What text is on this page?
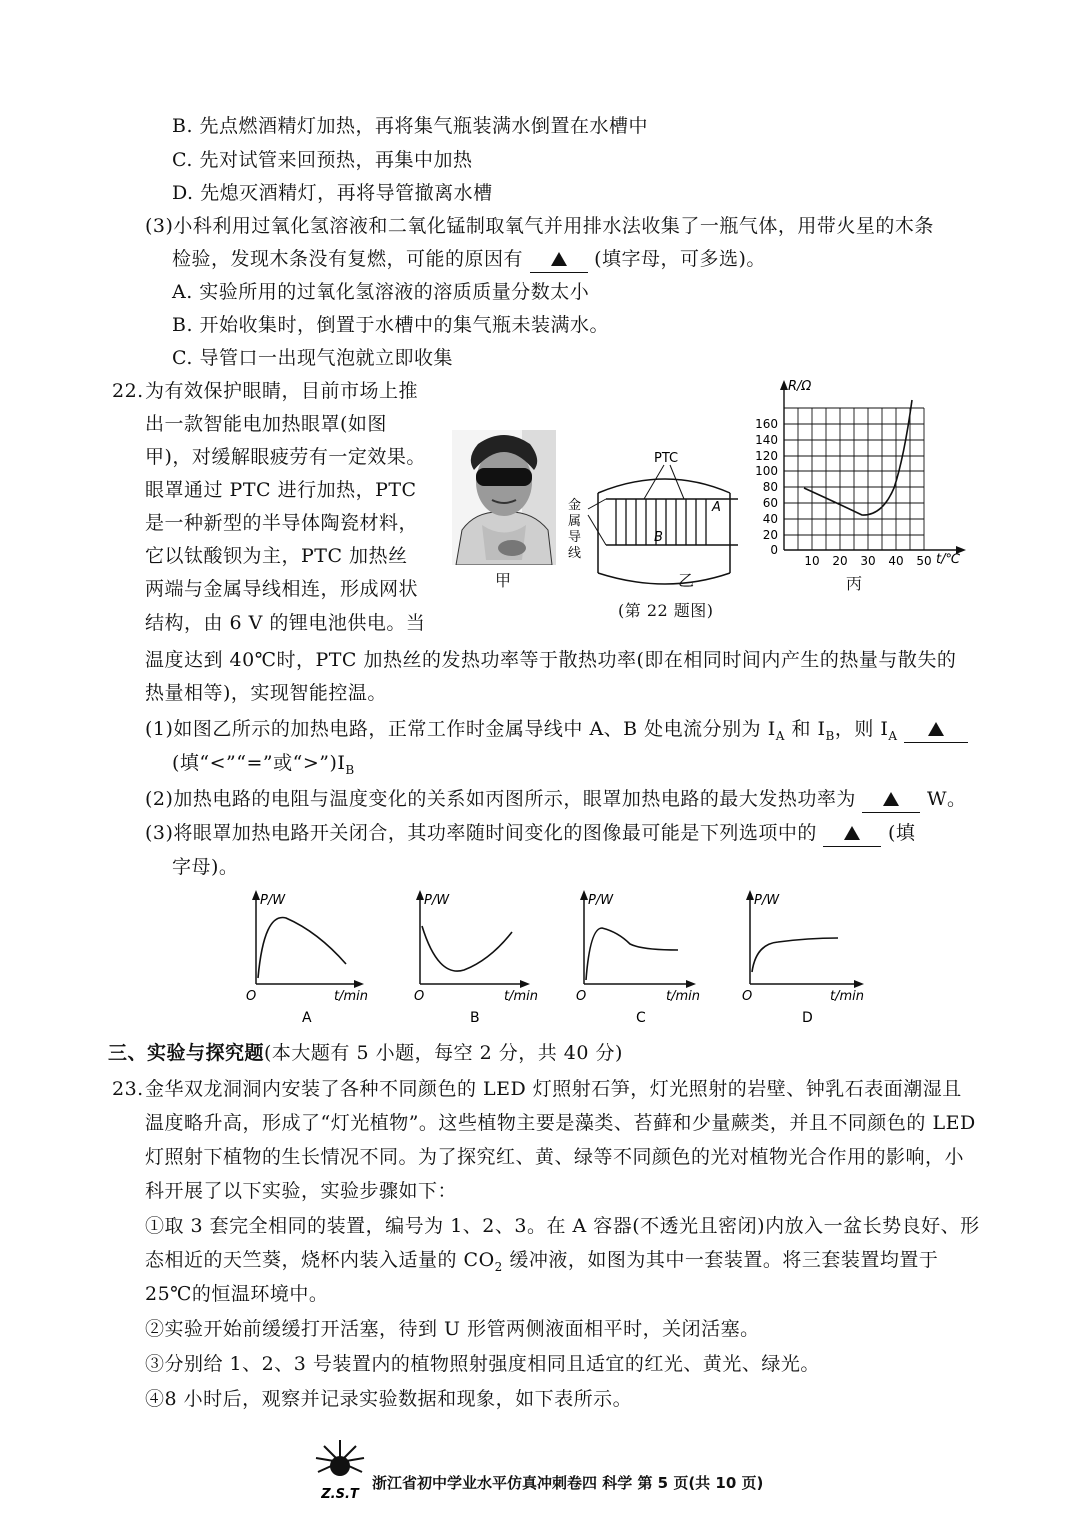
B. 先点燃酒精灯加热，再将集气瓶装满水倒置在水槽中
C. 先对试管来回预热，再集中加热
D. 先熄灭酒精灯，再将导管撤离水槽
(3)小科利用过氧化氢溶液和二氧化锰制取氧气并用排水法收集了一瓶气体，用带火星的木条
检验，发现木条没有复燃，可能的原因有	(填字母，可多选)。
A. 实验所用的过氧化氢溶液的溶质质量分数太小
B. 开始收集时，倒置于水槽中的集气瓶未装满水。
C. 导管口一出现气泡就立即收集
22. 为有效保护眼睛，目前市场上推
出一款智能电加热眼罩(如图
甲)，对缓解眼疲劳有一定效果。
眼罩通过 PTC 进行加热，PTC
是一种新型的半导体陶瓷材料，
它以钛酸钡为主，PTC 加热丝
两端与金属导线相连，形成网状
结构，由 6 V 的锂电池供电。当
甲
PTC
A
B
金
属
导
线
乙
R/Ω
t/℃
0
20
40
60
80
100
120
140
160
10 20 30 40 50
丙
(第 22 题图)
温度达到 40℃时，PTC 加热丝的发热功率等于散热功率(即在相同时间内产生的热量与散失的
热量相等)，实现智能控温。
(1)如图乙所示的加热电路，正常工作时金属导线中 A、B 处电流分别为 $I_A$ 和 $I_B$，则 $I_A$
(填“<”“=”或“$>”)I_B$
(2)加热电路的电阻与温度变化的关系如丙图所示，眼罩加热电路的最大发热功率为	W。
(3)将眼罩加热电路开关闭合，其功率随时间变化的图像最可能是下列选项中的	(填
字母)。
P/W
t/min
O
A
P/W
t/min
O
B
P/W
t/min
O
C
P/W
t/min
O
D
三、实验与探究题(本大题有 5 小题，每空 2 分，共 40 分)
23. 金华双龙洞洞内安装了各种不同颜色的 LED 灯照射石笋，灯光照射的岩壁、钟乳石表面潮湿且
温度略升高，形成了“灯光植物”。这些植物主要是藻类、苔藓和少量蕨类，并且不同颜色的 LED
灯照射下植物的生长情况不同。为了探究红、黄、绿等不同颜色的光对植物光合作用的影响，小
科开展了以下实验，实验步骤如下：
①取 3 套完全相同的装置，编号为 1、2、3。在 A 容器(不透光且密闭)内放入一盆长势良好、形
态相近的天竺葵，烧杯内装入适量的 $CO_2$ 缓冲液，如图为其中一套装置。将三套装置均置于
25℃的恒温环境中。
②实验开始前缓缓打开活塞，待到 U 形管两侧液面相平时，关闭活塞。
③分别给 1、2、3 号装置内的植物照射强度相同且适宜的红光、黄光、绿光。
④8 小时后，观察并记录实验数据和现象，如下表所示。
Z.S.T
浙江省初中学业水平仿真冲刺卷四 科学 第 5 页(共 10 页)
